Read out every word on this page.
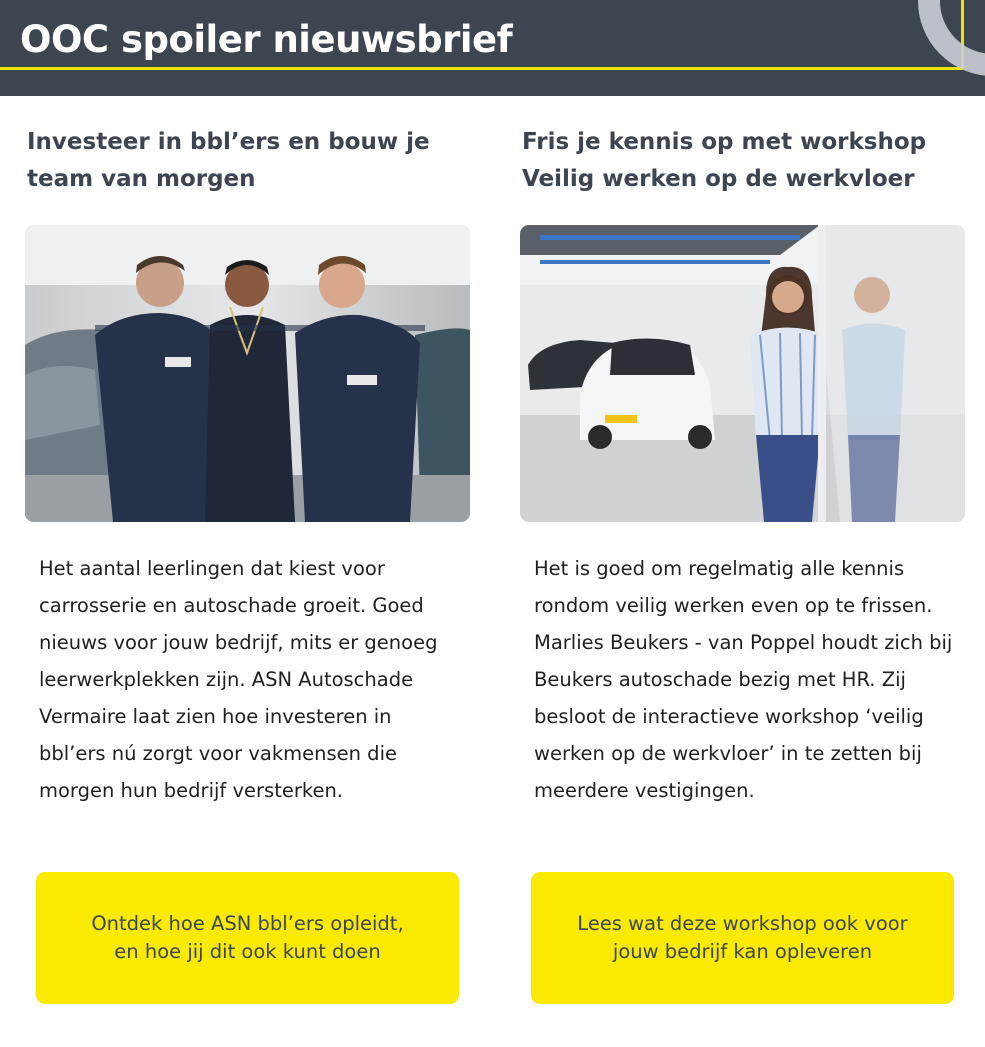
OOC spoiler nieuwsbrief
Investeer in bbl’ers en bouw je team van morgen
Het aantal leerlingen dat kiest voor carrosserie en autoschade groeit. Goed nieuws voor jouw bedrijf, mits er genoeg leerwerkplekken zijn. ASN Autoschade Vermaire laat zien hoe investeren in bbl’ers nú zorgt voor vakmensen die morgen hun bedrijf versterken.
Ontdek hoe ASN bbl’ers opleidt, en hoe jij dit ook kunt doen
Fris je kennis op met workshop Veilig werken op de werkvloer
Het is goed om regelmatig alle kennis rondom veilig werken even op te frissen. Marlies Beukers - van Poppel houdt zich bij Beukers autoschade bezig met HR. Zij besloot de interactieve workshop ‘veilig werken op de werkvloer’ in te zetten bij meerdere vestigingen.
Lees wat deze workshop ook voor jouw bedrijf kan opleveren
